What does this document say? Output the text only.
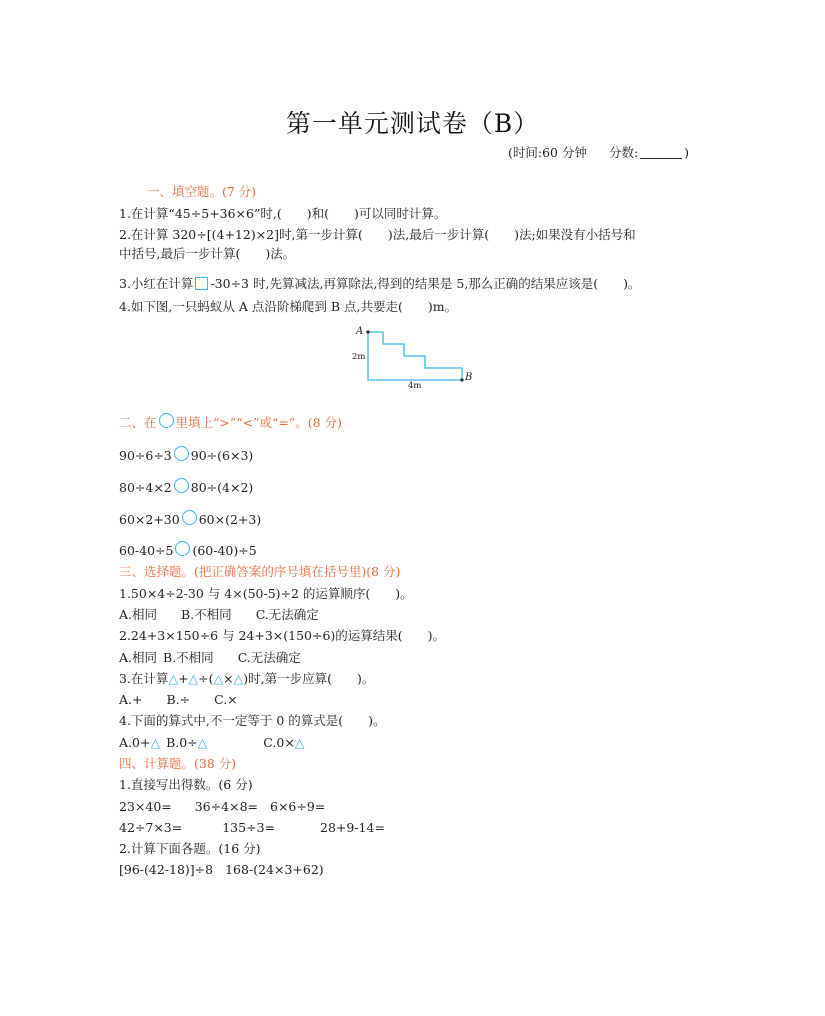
第一单元测试卷（B）
(时间:60 分钟 分数:	)
一、填空题。(7 分)
1.在计算“45÷5+36×6”时,(　　)和(　　)可以同时计算。
2.在计算 320÷[(4+12)×2]时,第一步计算(　　)法,最后一步计算(　　)法;如果没有小括号和
中括号,最后一步计算(　　)法。
3.小红在计算 -30÷3 时,先算减法,再算除法,得到的结果是 5,那么正确的结果应该是(　　)。
4.如下图,一只蚂蚁从 A 点沿阶梯爬到 B 点,共要走(　　)m。
A
B
2m
4m
二、在 里填上“>”“<”或“=”。(8 分)
90÷6÷3 90÷(6×3)
80÷4×2 80÷(4×2)
60×2+30 60×(2+3)
60-40÷5 (60-40)÷5
三、选择题。(把正确答案的序号填在括号里)(8 分)
1.50×4÷2-30 与 4×(50-5)÷2 的运算顺序(　　)。
A.相同 B.不相同 C.无法确定
2.24+3×150÷6 与 24+3×(150÷6)的运算结果(　　)。
A.相同 B.不相同 C.无法确定
3.在计算△+△÷(△×△)时,第一步应算(　　)。
A.+ B.÷ C.×
4.下面的算式中,不一定等于 0 的算式是(　　)。
A.0+△ B.0÷△	C.0×△
四、计算题。(38 分)
1.直接写出得数。(6 分)
23×40= 36÷4×8= 6×6÷9=
42÷7×3=	135÷3=	28+9-14=
2.计算下面各题。(16 分)
[96-(42-18)]÷8 168-(24×3+62)
